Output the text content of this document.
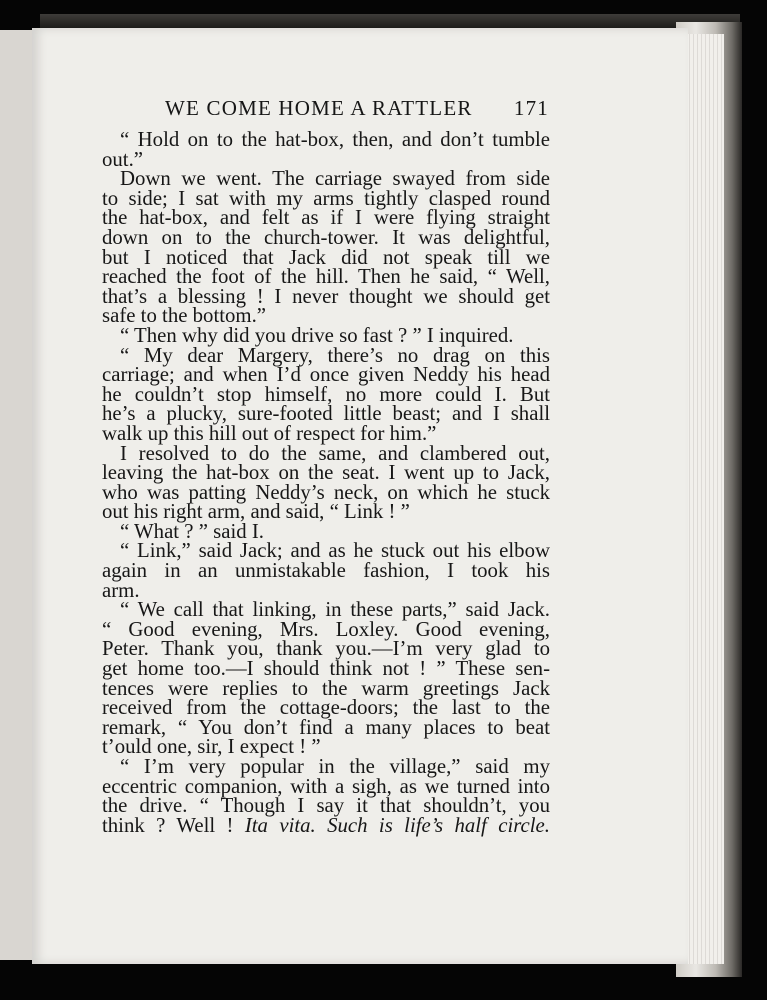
WE COME HOME A RATTLER 171
“ Hold on to the hat-box, then, and don’t tumble
out.”
Down we went. The carriage swayed from side
to side; I sat with my arms tightly clasped round
the hat-box, and felt as if I were flying straight
down on to the church-tower. It was delightful,
but I noticed that Jack did not speak till we
reached the foot of the hill. Then he said, “ Well,
that’s a blessing ! I never thought we should get
safe to the bottom.”
“ Then why did you drive so fast ? ” I inquired.
“ My dear Margery, there’s no drag on this
carriage; and when I’d once given Neddy his head
he couldn’t stop himself, no more could I. But
he’s a plucky, sure-footed little beast; and I shall
walk up this hill out of respect for him.”
I resolved to do the same, and clambered out,
leaving the hat-box on the seat. I went up to Jack,
who was patting Neddy’s neck, on which he stuck
out his right arm, and said, “ Link ! ”
“ What ? ” said I.
“ Link,” said Jack; and as he stuck out his elbow
again in an unmistakable fashion, I took his
arm.
“ We call that linking, in these parts,” said Jack.
“ Good evening, Mrs. Loxley. Good evening,
Peter. Thank you, thank you.—I’m very glad to
get home too.—I should think not ! ” These sen-
tences were replies to the warm greetings Jack
received from the cottage-doors; the last to the
remark, “ You don’t find a many places to beat
t’ould one, sir, I expect ! ”
“ I’m very popular in the village,” said my
eccentric companion, with a sigh, as we turned into
the drive. “ Though I say it that shouldn’t, you
think ? Well ! Ita vita. Such is life’s half circle.
